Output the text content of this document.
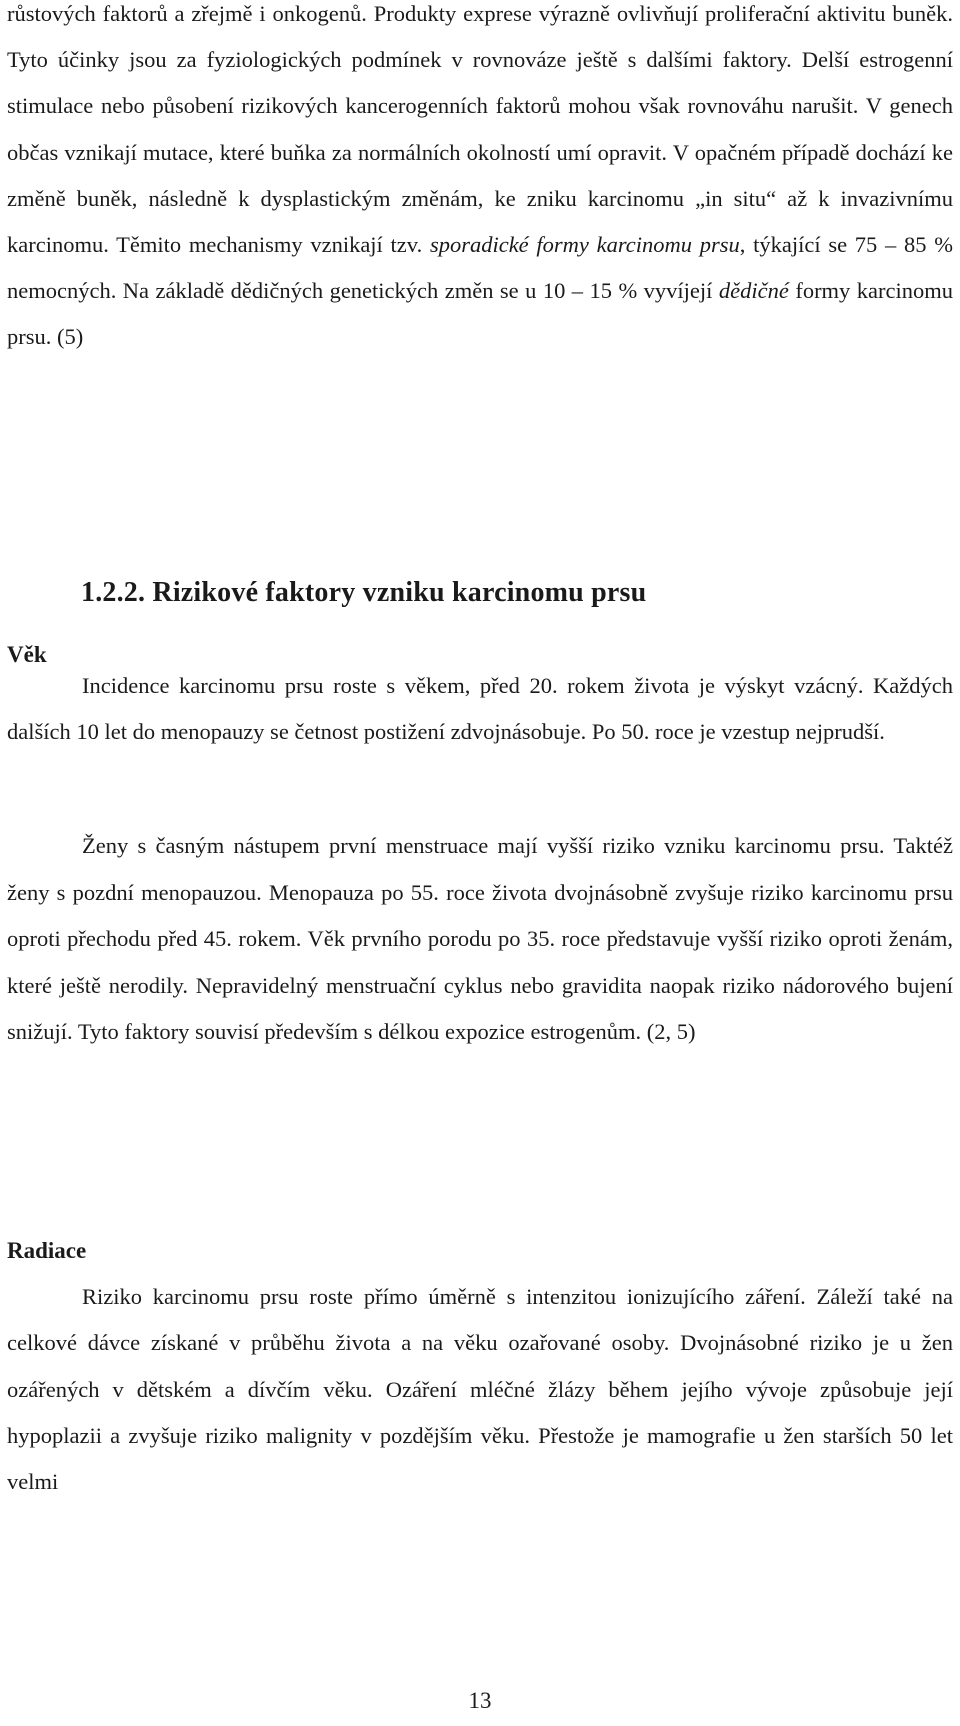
růstových faktorů a zřejmě i onkogenů. Produkty exprese výrazně ovlivňují proliferační aktivitu buněk. Tyto účinky jsou za fyziologických podmínek v rovnováze ještě s dalšími faktory. Delší estrogenní stimulace nebo působení rizikových kancerogenních faktorů mohou však rovnováhu narušit. V genech občas vznikají mutace, které buňka za normálních okolností umí opravit. V opačném případě dochází ke změně buněk, následně k dysplastickým změnám, ke zniku karcinomu „in situ“ až k invazivnímu karcinomu. Těmito mechanismy vznikají tzv. sporadické formy karcinomu prsu, týkající se 75 – 85 % nemocných. Na základě dědičných genetických změn se u 10 – 15 % vyvíjejí dědičné formy karcinomu prsu. (5)

1.2.2. Rizikové faktory vzniku karcinomu prsu
Věk

Incidence karcinomu prsu roste s věkem, před 20. rokem života je výskyt vzácný. Každých dalších 10 let do menopauzy se četnost postižení zdvojnásobuje. Po 50. roce je vzestup nejprudší.

Ženy s časným nástupem první menstruace mají vyšší riziko vzniku karcinomu prsu. Taktéž ženy s pozdní menopauzou. Menopauza po 55. roce života dvojnásobně zvyšuje riziko karcinomu prsu oproti přechodu před 45. rokem. Věk prvního porodu po 35. roce představuje vyšší riziko oproti ženám, které ještě nerodily. Nepravidelný menstruační cyklus nebo gravidita naopak riziko nádorového bujení snižují. Tyto faktory souvisí především s délkou expozice estrogenům. (2, 5)

Radiace

Riziko karcinomu prsu roste přímo úměrně s intenzitou ionizujícího záření. Záleží také na celkové dávce získané v průběhu života a na věku ozařované osoby. Dvojnásobné riziko je u žen ozářených v dětském a dívčím věku. Ozáření mléčné žlázy během jejího vývoje způsobuje její hypoplazii a zvyšuje riziko malignity v pozdějším věku. Přestože je mamografie u žen starších 50 let velmi

13
